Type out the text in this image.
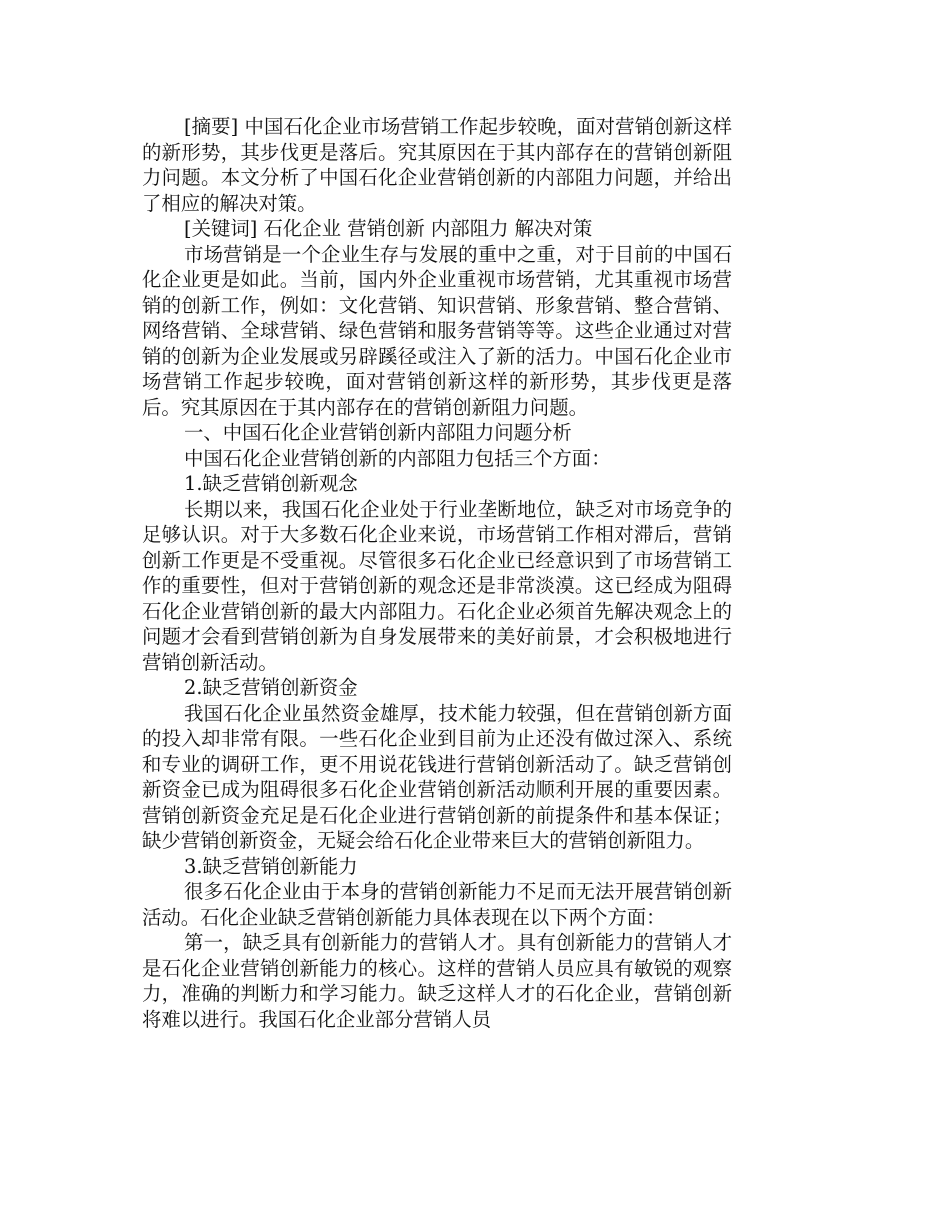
[摘要] 中国石化企业市场营销工作起步较晚，面对营销创新这样的新形势，其步伐更是落后。究其原因在于其内部存在的营销创新阻力问题。本文分析了中国石化企业营销创新的内部阻力问题，并给出了相应的解决对策。

[关键词] 石化企业 营销创新 内部阻力 解决对策

市场营销是一个企业生存与发展的重中之重，对于目前的中国石化企业更是如此。当前，国内外企业重视市场营销，尤其重视市场营销的创新工作，例如：文化营销、知识营销、形象营销、整合营销、网络营销、全球营销、绿色营销和服务营销等等。这些企业通过对营销的创新为企业发展或另辟蹊径或注入了新的活力。中国石化企业市场营销工作起步较晚，面对营销创新这样的新形势，其步伐更是落后。究其原因在于其内部存在的营销创新阻力问题。

一、中国石化企业营销创新内部阻力问题分析

中国石化企业营销创新的内部阻力包括三个方面：

1.缺乏营销创新观念

长期以来，我国石化企业处于行业垄断地位，缺乏对市场竞争的足够认识。对于大多数石化企业来说，市场营销工作相对滞后，营销创新工作更是不受重视。尽管很多石化企业已经意识到了市场营销工作的重要性，但对于营销创新的观念还是非常淡漠。这已经成为阻碍石化企业营销创新的最大内部阻力。石化企业必须首先解决观念上的问题才会看到营销创新为自身发展带来的美好前景，才会积极地进行营销创新活动。

2.缺乏营销创新资金

我国石化企业虽然资金雄厚，技术能力较强，但在营销创新方面的投入却非常有限。一些石化企业到目前为止还没有做过深入、系统和专业的调研工作，更不用说花钱进行营销创新活动了。缺乏营销创新资金已成为阻碍很多石化企业营销创新活动顺利开展的重要因素。营销创新资金充足是石化企业进行营销创新的前提条件和基本保证；缺少营销创新资金，无疑会给石化企业带来巨大的营销创新阻力。

3.缺乏营销创新能力

很多石化企业由于本身的营销创新能力不足而无法开展营销创新活动。石化企业缺乏营销创新能力具体表现在以下两个方面：

第一，缺乏具有创新能力的营销人才。具有创新能力的营销人才是石化企业营销创新能力的核心。这样的营销人员应具有敏锐的观察力，准确的判断力和学习能力。缺乏这样人才的石化企业，营销创新将难以进行。我国石化企业部分营销人员
